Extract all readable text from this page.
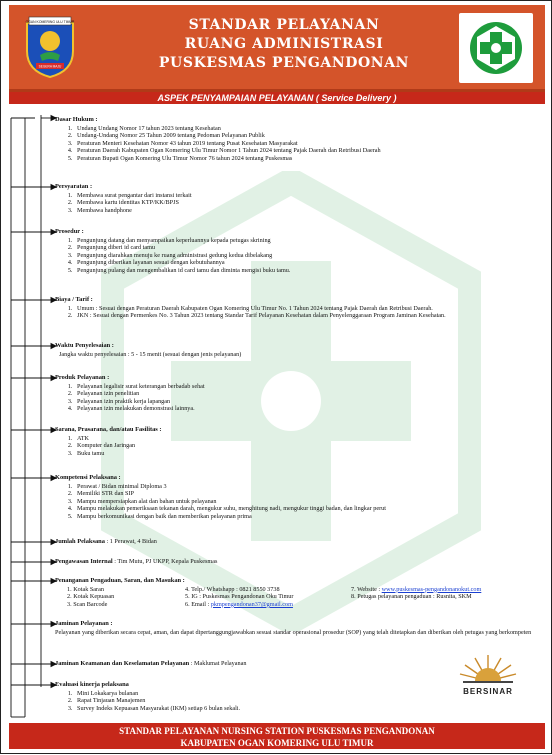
OGAN KOMERING ULU TIMUR
SEGERA MAJU
STANDAR PELAYANAN
RUANG ADMINISTRASI
PUSKESMAS PENGANDONAN
ASPEK PENYAMPAIAN PELAYANAN ( Service Delivery )
Dasar Hukum :
1. Undang Undang Nomor 17 tahun 2023 tentang Kesehatan
2. Undang-Undang Nomor 25 Tahun 2009 tentang Pedoman Pelayanan Publik
3. Peraturan Menteri Kesehatan Nomor 43 tahun 2019 tentang Pusat Kesehatan Masyarakat
4. Peraturan Daerah Kabupaten Ogan Komering Ulu Timur Nomor 1 Tahun 2024 tentang Pajak Daerah dan Retribusi Daerah
5. Peraturan Bupati Ogan Komering Ulu Timur Nomor 76 tahun 2024 tentang Puskesmas
Persyaratan :
1. Membawa surat pengantar dari instansi terkait
2. Membawa kartu identitas KTP/KK/BPJS
3. Membawa handphone
Prosedur :
1. Pengunjung datang dan menyampaikan keperluannya kepada petugas skrining
2. Pengunjung diberi id card tamu
3. Pengunjung diarahkan menuju ke ruang administrasi gedung kedua dibelakang
4. Pengunjung diberikan layanan sesuai dengan kebutuhannya
5. Pengunjung pulang dan mengembalikan id card tamu dan diminta mengisi buku tamu.
Biaya / Tarif :
1. Umum : Sesuai dengan Peraturan Daerah Kabupaten Ogan Komering Ulu Timur No. 1 Tahun 2024 tentang Pajak Daerah dan Retribusi Daerah.
2. JKN : Sesuai dengan Permenkes No. 3 Tahun 2023 tentang Standar Tarif Pelayanan Kesehatan dalam Penyelenggaraan Program Jaminan Kesehatan.
Waktu Penyelesaian :

Jangka waktu penyelesaian : 5 - 15 menit (sesuai dengan jenis pelayanan)

Produk Pelayanan :
1. Pelayanan legalisir surat keterangan berbadab sehat
2. Pelayanan izin penelitian
3. Pelayanan izin praktik kerja lapangan
4. Pelayanan izin melakukan demonstrasi lainnya.
Sarana, Prasarana, dan/atau Fasilitas :
1. ATK
2. Komputer dan Jaringan
3. Buku tamu
Kompetensi Pelaksana :
1. Perawat / Bidan minimal Diploma 3
2. Memiliki STR dan SIP
3. Mampu mempersiapkan alat dan bahan untuk pelayanan
4. Mampu melakukan pemeriksaan tekanan darah, mengukur suhu, menghitung nadi, mengukur tinggi badan, dan lingkar perut
5. Mampu berkomunikasi dengan baik dan memberikan pelayanan prima
Jumlah Pelaksana : 1 Perawat, 4 Bidan
Pengawasan Internal : Tim Mutu, PJ UKPP, Kepala Puskesmas
Penanganan Pengaduan, Saran, dan Masukan :
1. Kotak Saran
2. Kotak Kepuasan
3. Scan Barcode
4. Telp./ Whatshapp : 0821 8550 3738
5. IG : Puskesmas Pengandonan Oku Timur
6. Email : pkmpengandonan37@gmail.com
7. Website : www.puskesmas-pengandonanokut.com
8. Petugas pelayanan pengaduan : Rusnita, SKM
Jaminan Pelayanan :
Pelayanan yang diberikan secara cepat, aman, dan dapat dipertanggungjawabkan sesuai standar operasional prosedur (SOP) yang telah ditetapkan dan diberikan oleh petugas yang berkompeten
Jaminan Keamanan dan Keselamatan Pelayanan : Maklumat Pelayanan
Evaluasi kinerja pelaksana
1. Mini Lokakarya bulanan
2. Rapat Tinjauan Manajemen
3. Survey Indeks Kepuasan Masyarakat (IKM) setiap 6 bulan sekali.
BERSINAR
STANDAR PELAYANAN NURSING STATION PUSKESMAS PENGANDONAN
KABUPATEN OGAN KOMERING ULU TIMUR
